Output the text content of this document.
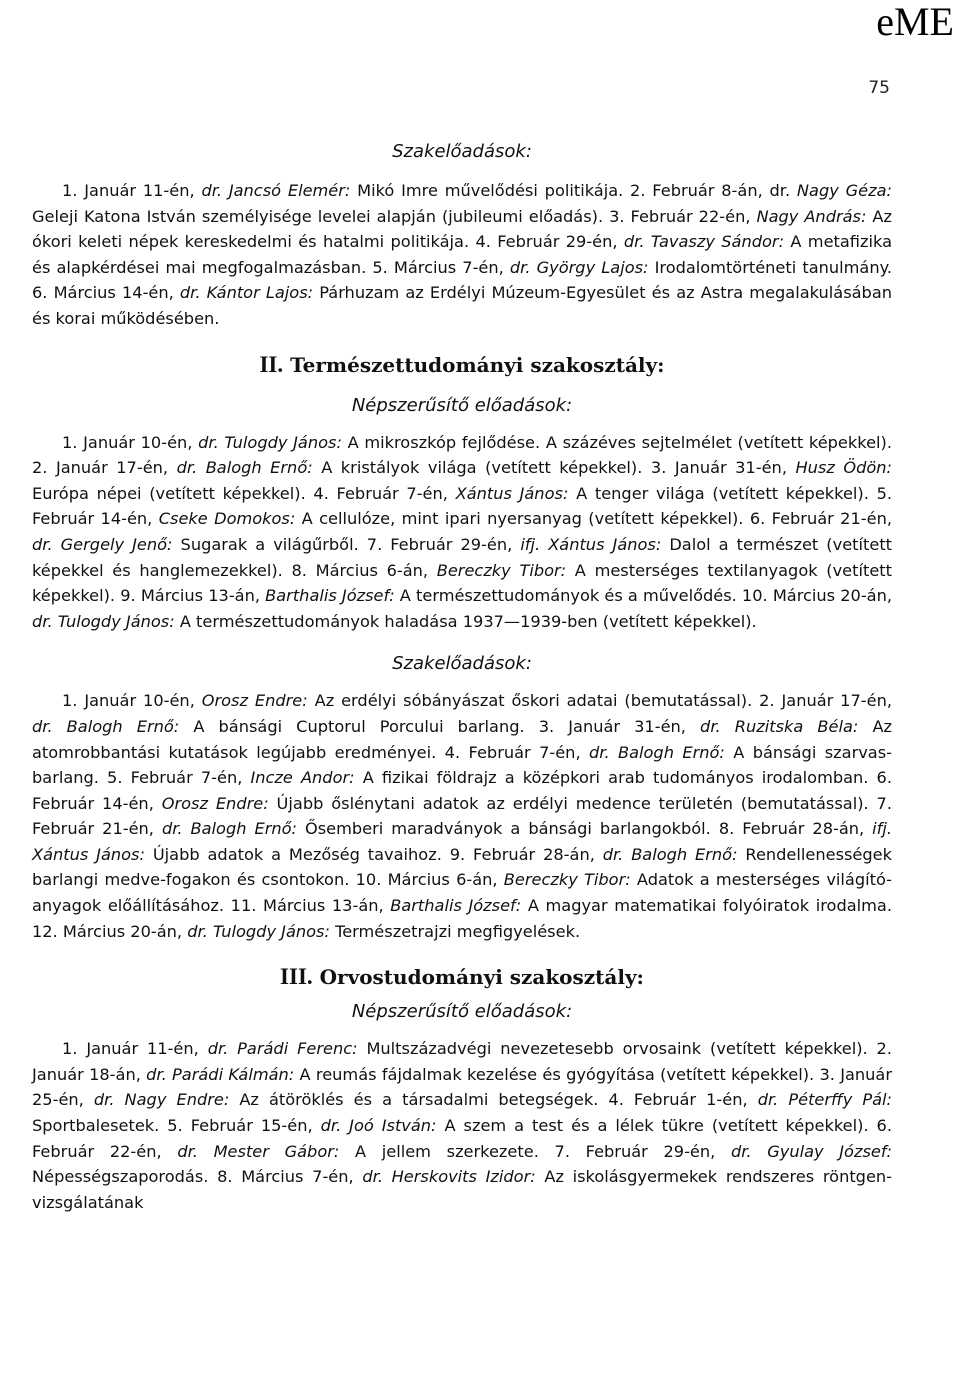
eME
75

Szakelőadások:

1. Január 11-én, dr. Jancsó Elemér: Mikó Imre művelődési politikája. 2. Február 8-án, dr. Nagy Géza: Geleji Katona István személyisége levelei alapján (jubileumi előadás). 3. Február 22-én, Nagy András: Az ókori keleti népek kereskedelmi és hatalmi politikája. 4. Február 29-én, dr. Tavaszy Sándor: A metafizika és alapkérdései mai megfogalmazásban. 5. Március 7-én, dr. György Lajos: Irodalomtörténeti tanulmány. 6. Március 14-én, dr. Kántor Lajos: Párhuzam az Erdélyi Múzeum-Egyesület és az Astra megalakulásában és korai működésében.

II. Természettudományi szakosztály:

Népszerűsítő előadások:

1. Január 10-én, dr. Tulogdy János: A mikroszkóp fejlődése. A százéves sejtelmélet (vetített képekkel). 2. Január 17-én, dr. Balogh Ernő: A kristályok világa (vetített képekkel). 3. Január 31-én, Husz Ödön: Európa népei (vetített képekkel). 4. Február 7-én, Xántus János: A tenger világa (vetített képekkel). 5. Február 14-én, Cseke Domokos: A cellulóze, mint ipari nyersanyag (vetített képekkel). 6. Február 21-én, dr. Gergely Jenő: Sugarak a világűrből. 7. Február 29-én, ifj. Xántus János: Dalol a természet (vetített képekkel és hanglemezekkel). 8. Március 6-án, Bereczky Tibor: A mesterséges textilanyagok (vetített képekkel). 9. Március 13-án, Barthalis József: A természettudományok és a művelődés. 10. Március 20-án, dr. Tulogdy János: A természettudományok haladása 1937—1939-ben (vetített képekkel).

Szakelőadások:

1. Január 10-én, Orosz Endre: Az erdélyi sóbányászat őskori adatai (bemutatással). 2. Január 17-én, dr. Balogh Ernő: A bánsági Cuptorul Porcului barlang. 3. Január 31-én, dr. Ruzitska Béla: Az atomrobbantási kutatások legújabb eredményei. 4. Február 7-én, dr. Balogh Ernő: A bánsági szarvas-barlang. 5. Február 7-én, Incze Andor: A fizikai földrajz a középkori arab tudományos irodalomban. 6. Február 14-én, Orosz Endre: Újabb őslénytani adatok az erdélyi medence területén (bemutatással). 7. Február 21-én, dr. Balogh Ernő: Ősemberi maradványok a bánsági barlangokból. 8. Február 28-án, ifj. Xántus János: Újabb adatok a Mezőség tavaihoz. 9. Február 28-án, dr. Balogh Ernő: Rendellenességek barlangi medve-fogakon és csontokon. 10. Március 6-án, Bereczky Tibor: Adatok a mesterséges világító-anyagok előállításához. 11. Március 13-án, Barthalis József: A magyar matematikai folyóiratok irodalma. 12. Március 20-án, dr. Tulogdy János: Természetrajzi megfigyelések.

III. Orvostudományi szakosztály:

Népszerűsítő előadások:

1. Január 11-én, dr. Parádi Ferenc: Multszázadvégi nevezetesebb orvosaink (vetített képekkel). 2. Január 18-án, dr. Parádi Kálmán: A reumás fájdalmak kezelése és gyógyítása (vetített képekkel). 3. Január 25-én, dr. Nagy Endre: Az átöröklés és a társadalmi betegségek. 4. Február 1-én, dr. Péterffy Pál: Sportbalesetek. 5. Február 15-én, dr. Joó István: A szem a test és a lélek tükre (vetített képekkel). 6. Február 22-én, dr. Mester Gábor: A jellem szerkezete. 7. Február 29-én, dr. Gyulay József: Népességszaporodás. 8. Március 7-én, dr. Herskovits Izidor: Az iskolásgyermekek rendszeres röntgen-vizsgálatának
